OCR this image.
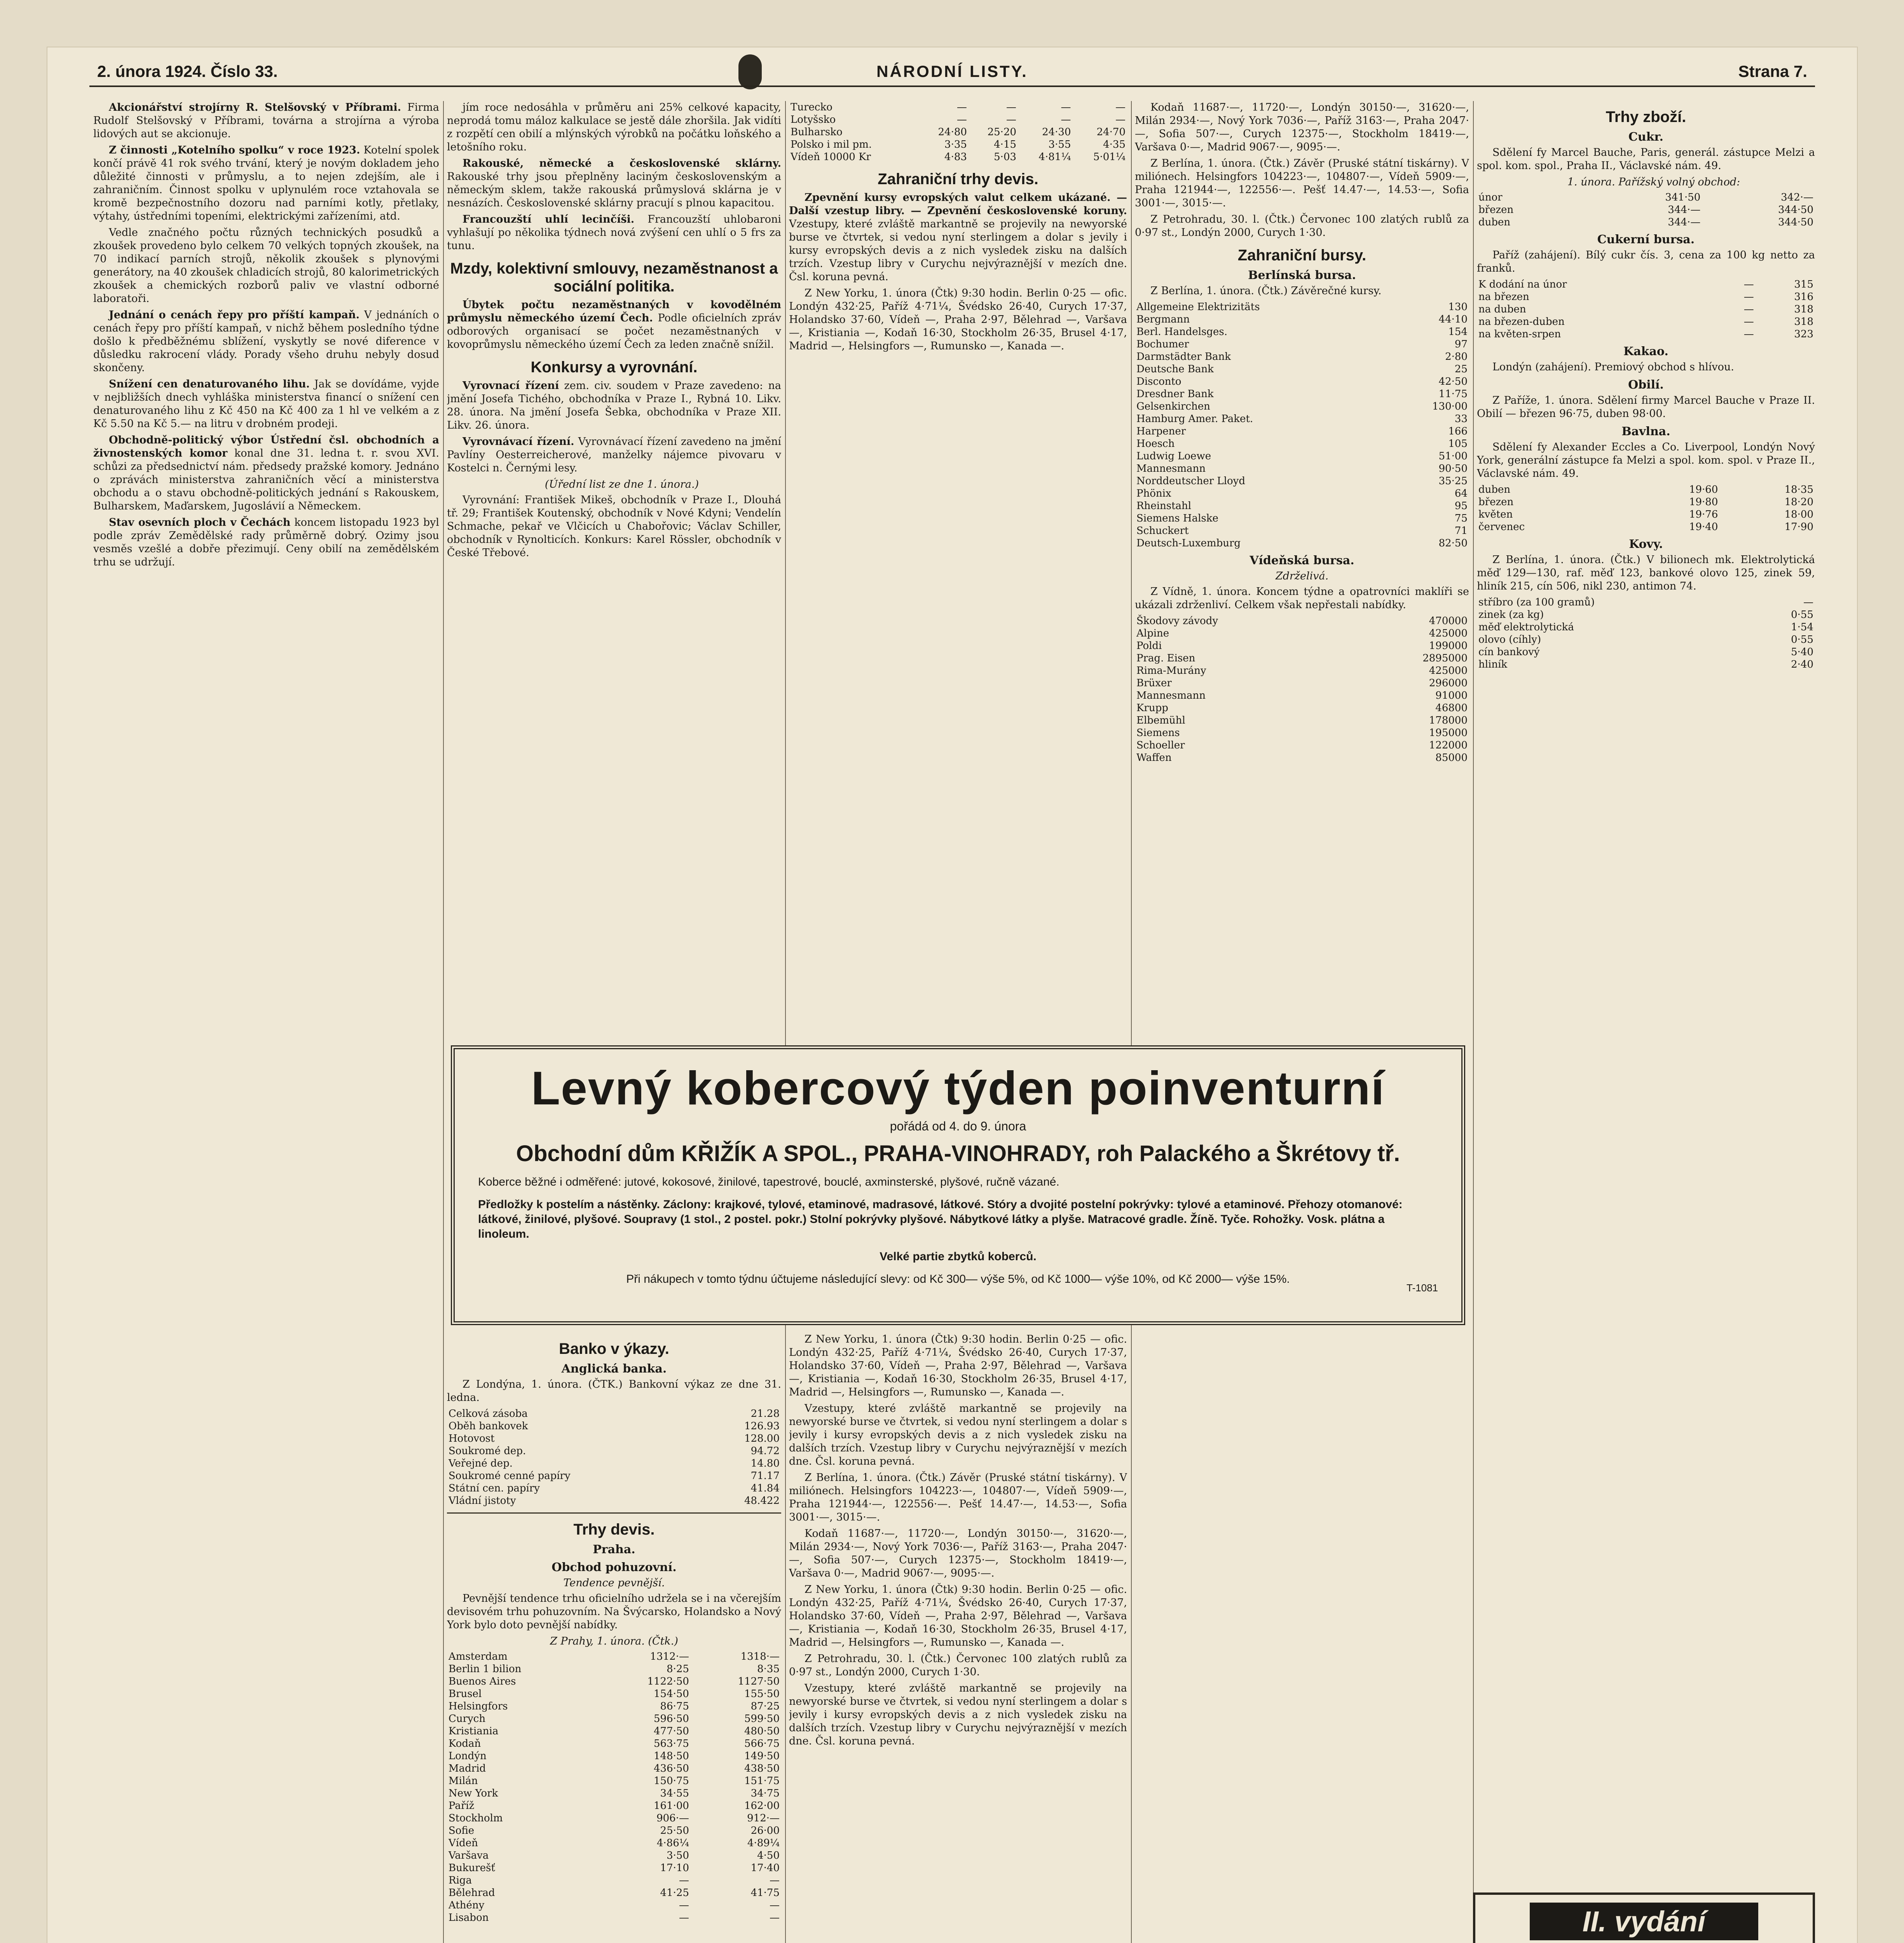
2. února 1924. Číslo 33.	NÁRODNÍ LISTY.	Strana 7.

Akcionářství strojírny R. Stelšovský v Příbrami. Firma Rudolf Stelšovský v Příbrami, továrna a strojírna a výroba lidových aut se akcionuje.

Z činnosti „Kotelního spolku“ v roce 1923. Kotelní spolek končí právě 41 rok svého trvání, který je novým dokladem jeho důležité činnosti v průmyslu, a to nejen zdejším, ale i zahraničním. Činnost spolku v uplynulém roce vztahovala se kromě bezpečnostního dozoru nad parními kotly, přetlaky, výtahy, ústředními topeními, elektrickými zařízeními, atd.

Vedle značného počtu různých technických posudků a zkoušek provedeno bylo celkem 70 velkých topných zkoušek, na 70 indikací parních strojů, několik zkoušek s plynovými generátory, na 40 zkoušek chladicích strojů, 80 kalorimetrických zkoušek a chemických rozborů paliv ve vlastní odborné laboratoři.

Jednání o cenách řepy pro příští kampaň. V jednáních o cenách řepy pro příští kampaň, v nichž během posledního týdne došlo k předběžnému sblížení, vyskytly se nové diference v důsledku rakrocení vlády. Porady všeho druhu nebyly dosud skončeny.

Snížení cen denaturovaného lihu. Jak se dovídáme, vyjde v nejbližších dnech vyhláška ministerstva financí o snížení cen denaturovaného lihu z Kč 450 na Kč 400 za 1 hl ve velkém a z Kč 5.50 na Kč 5.— na litru v drobném prodeji.

Obchodně-politický výbor Ústřední čsl. obchodních a živnostenských komor konal dne 31. ledna t. r. svou XVI. schůzi za předsednictví nám. předsedy pražské komory. Jednáno o zprávách ministerstva zahraničních věcí a ministerstva obchodu a o stavu obchodně-politických jednání s Rakouskem, Bulharskem, Maďarskem, Jugoslávií a Německem.

Stav osevních ploch v Čechách koncem listopadu 1923 byl podle zpráv Zemědělské rady průměrně dobrý. Ozimy jsou vesměs vzešlé a dobře přezimují. Ceny obilí na zemědělském trhu se udržují.

jím roce nedosáhla v průměru ani 25% celkové kapacity, neprodá tomu máloz kalkulace se jestě dále zhoršila. Jak vidíti z rozpětí cen obilí a mlýnských výrobků na počátku loňského a letošního roku.

Rakouské, německé a československé sklárny. Rakouské trhy jsou přeplněny laciným československým a německým sklem, takže rakouská průmyslová sklárna je v nesnázích. Československé sklárny pracují s plnou kapacitou.

Francouzští uhlí lecinčíši. Francouzští uhlobaroni vyhlašují po několika týdnech nová zvýšení cen uhlí o 5 frs za tunu.

Mzdy, kolektivní smlouvy, nezaměstnanost a sociální politika.

Úbytek počtu nezaměstnaných v kovodělném průmyslu německého území Čech. Podle oficielních zpráv odborových organisací se počet nezaměstnaných v kovoprůmyslu německého území Čech za leden značně snížil.

Konkursy a vyrovnání.

Vyrovnací řízení zem. civ. soudem v Praze zavedeno: na jmění Josefa Tichého, obchodníka v Praze I., Rybná 10. Likv. 28. února. Na jmění Josefa Šebka, obchodníka v Praze XII. Likv. 26. února.

Vyrovnávací řízení. Vyrovnávací řízení zavedeno na jmění Pavlíny Oesterreicherové, manželky nájemce pivovaru v Kostelci n. Černými lesy.

(Úřední list ze dne 1. února.)

Vyrovnání: František Mikeš, obchodník v Praze I., Dlouhá tř. 29; František Koutenský, obchodník v Nové Kdyni; Vendelín Schmache, pekař ve Vlčicích u Chabořovic; Václav Schiller, obchodník v Rynolticích. Konkurs: Karel Rössler, obchodník v České Třebové.

Turecko	—	—	—	—
Lotyšsko	—	—	—	—
Bulharsko	24·80	25·20	24·30	24·70
Polsko i mil pm.	3·35	4·15	3·55	4·35
Vídeň 10000 Kr	4·83	5·03	4·81¼	5·01¼
Zahraniční trhy devis.

Zpevnění kursy evropských valut celkem ukázané. — Další vzestup libry. — Zpevnění československé koruny. Vzestupy, které zvláště markantně se projevily na newyorské burse ve čtvrtek, si vedou nyní sterlingem a dolar s jevily i kursy evropských devis a z nich vysledek zisku na dalších trzích. Vzestup libry v Curychu nejvýraznější v mezích dne. Čsl. koruna pevná.

Z New Yorku, 1. února (Čtk) 9:30 hodin. Berlin 0·25 — ofic. Londýn 432·25, Paříž 4·71¼, Švédsko 26·40, Curych 17·37, Holandsko 37·60, Vídeň —, Praha 2·97, Bělehrad —, Varšava —, Kristiania —, Kodaň 16·30, Stockholm 26·35, Brusel 4·17, Madrid —, Helsingfors —, Rumunsko —, Kanada —.

Banko v ýkazy.
Anglická banka.

Z Londýna, 1. února. (ČTK.) Bankovní výkaz ze dne 31. ledna.

Celková zásoba	21.28
Oběh bankovek	126.93
Hotovost	128.00
Soukromé dep.	94.72
Veřejné dep.	14.80
Soukromé cenné papíry	71.17
Státní cen. papíry	41.84
Vládní jistoty	48.422
Trhy devis.
Praha.
Obchod pohuzovní.
Tendence pevnější.

Pevnější tendence trhu oficielního udržela se i na včerejším devisovém trhu pohuzovním. Na Švýcarsko, Holandsko a Nový York bylo doto pevnější nabídky.

Z Prahy, 1. února. (Čtk.)
Amsterdam	1312·—	1318·—
Berlin 1 bilion	8·25	8·35
Buenos Aires	1122·50	1127·50
Brusel	154·50	155·50
Helsingfors	86·75	87·25
Curych	596·50	599·50
Kristiania	477·50	480·50
Kodaň	563·75	566·75
Londýn	148·50	149·50
Madrid	436·50	438·50
Milán	150·75	151·75
New York	34·55	34·75
Paříž	161·00	162·00
Stockholm	906·—	912·—
Sofie	25·50	26·00
Vídeň	4·86¼	4·89¼
Varšava	3·50	4·50
Bukurešť	17·10	17·40
Riga	—	—
Bělehrad	41·25	41·75
Athény	—	—
Lisabon	—	—

Z New Yorku, 1. února (Čtk) 9:30 hodin. Berlin 0·25 — ofic. Londýn 432·25, Paříž 4·71¼, Švédsko 26·40, Curych 17·37, Holandsko 37·60, Vídeň —, Praha 2·97, Bělehrad —, Varšava —, Kristiania —, Kodaň 16·30, Stockholm 26·35, Brusel 4·17, Madrid —, Helsingfors —, Rumunsko —, Kanada —.

Vzestupy, které zvláště markantně se projevily na newyorské burse ve čtvrtek, si vedou nyní sterlingem a dolar s jevily i kursy evropských devis a z nich vysledek zisku na dalších trzích. Vzestup libry v Curychu nejvýraznější v mezích dne. Čsl. koruna pevná.

Z Berlína, 1. února. (Čtk.) Závěr (Pruské státní tiskárny). V miliónech. Helsingfors 104223·—, 104807·—, Vídeň 5909·—, Praha 121944·—, 122556·—. Pešť 14.47·—, 14.53·—, Sofia 3001·—, 3015·—.

Kodaň 11687·—, 11720·—, Londýn 30150·—, 31620·—, Milán 2934·—, Nový York 7036·—, Paříž 3163·—, Praha 2047·—, Sofia 507·—, Curych 12375·—, Stockholm 18419·—, Varšava 0·—, Madrid 9067·—, 9095·—.

Z New Yorku, 1. února (Čtk) 9:30 hodin. Berlin 0·25 — ofic. Londýn 432·25, Paříž 4·71¼, Švédsko 26·40, Curych 17·37, Holandsko 37·60, Vídeň —, Praha 2·97, Bělehrad —, Varšava —, Kristiania —, Kodaň 16·30, Stockholm 26·35, Brusel 4·17, Madrid —, Helsingfors —, Rumunsko —, Kanada —.

Z Petrohradu, 30. l. (Čtk.) Červonec 100 zlatých rublů za 0·97 st., Londýn 2000, Curych 1·30.

Vzestupy, které zvláště markantně se projevily na newyorské burse ve čtvrtek, si vedou nyní sterlingem a dolar s jevily i kursy evropských devis a z nich vysledek zisku na dalších trzích. Vzestup libry v Curychu nejvýraznější v mezích dne. Čsl. koruna pevná.

Kodaň 11687·—, 11720·—, Londýn 30150·—, 31620·—, Milán 2934·—, Nový York 7036·—, Paříž 3163·—, Praha 2047·—, Sofia 507·—, Curych 12375·—, Stockholm 18419·—, Varšava 0·—, Madrid 9067·—, 9095·—.

Z Berlína, 1. února. (Čtk.) Závěr (Pruské státní tiskárny). V miliónech. Helsingfors 104223·—, 104807·—, Vídeň 5909·—, Praha 121944·—, 122556·—. Pešť 14.47·—, 14.53·—, Sofia 3001·—, 3015·—.

Z Petrohradu, 30. l. (Čtk.) Červonec 100 zlatých rublů za 0·97 st., Londýn 2000, Curych 1·30.

Zahraniční bursy.
Berlínská bursa.

Z Berlína, 1. února. (Čtk.) Závěrečné kursy.

Allgemeine Elektrizitäts	130
Bergmann	44·10
Berl. Handelsges.	154
Bochumer	97
Darmstädter Bank	2·80
Deutsche Bank	25
Disconto	42·50
Dresdner Bank	11·75
Gelsenkirchen	130·00
Hamburg Amer. Paket.	33
Harpener	166
Hoesch	105
Ludwig Loewe	51·00
Mannesmann	90·50
Norddeutscher Lloyd	35·25
Phönix	64
Rheinstahl	95
Siemens Halske	75
Schuckert	71
Deutsch-Luxemburg	82·50
Vídeňská bursa.
Zdrželivá.

Z Vídně, 1. února. Koncem týdne a opatrovníci maklíři se ukázali zdrženliví. Celkem však nepřestali nabídky.

Škodovy závody	470000
Alpine	425000
Poldi	199000
Prag. Eisen	2895000
Rima-Murány	425000
Brüxer	296000
Mannesmann	91000
Krupp	46800
Elbemühl	178000
Siemens	195000
Schoeller	122000
Waffen	85000
Trhy zboží.
Cukr.

Sdělení fy Marcel Bauche, Paris, generál. zástupce Melzi a spol. kom. spol., Praha II., Václavské nám. 49.

1. února. Pařížský volný obchod:

únor	341·50	342·—
březen	344·—	344·50
duben	344·—	344·50
Cukerní bursa.

Paříž (zahájení). Bílý cukr čís. 3, cena za 100 kg netto za franků.

K dodání na únor	—	315
na březen	—	316
na duben	—	318
na březen-duben	—	318
na květen-srpen	—	323
Kakao.

Londýn (zahájení). Premiový obchod s hlívou.

Obilí.

Z Paříže, 1. února. Sdělení firmy Marcel Bauche v Praze II. Obilí — březen 96·75, duben 98·00.

Bavlna.

Sdělení fy Alexander Eccles a Co. Liverpool, Londýn Nový York, generální zástupce fa Melzi a spol. kom. spol. v Praze II., Václavské nám. 49.

duben	19·60	18·35
březen	19·80	18·20
květen	19·76	18·00
červenec	19·40	17·90
Kovy.

Z Berlína, 1. února. (Čtk.) V bilionech mk. Elektrolytická měď 129—130, raf. měď 123, bankové olovo 125, zinek 59, hliník 215, cín 506, nikl 230, antimon 74.

stříbro (za 100 gramů)	—
zinek (za kg)	0·55
měď elektrolytická	1·54
olovo (cíhly)	0·55
cín bankový	5·40
hliník	2·40
Levný kobercový týden poinventurní
pořádá od 4. do 9. února
Obchodní dům KŘIŽÍK A SPOL., PRAHA-VINOHRADY, roh Palackého a Škrétovy tř.
Koberce běžné i odměřené: jutové, kokosové, žinilové, tapestrové, bouclé, axminsterské, plyšové, ručně vázané.
Předložky k postelím a nástěnky. Záclony: krajkové, tylové, etaminové, madrasové, látkové. Stóry a dvojité postelní pokrývky: tylové a etaminové. Přehozy otomanové: látkové, žinilové, plyšové. Soupravy (1 stol., 2 postel. pokr.) Stolní pokrývky plyšové. Nábytkové látky a plyše. Matracové gradle. Žíně. Tyče. Rohožky. Vosk. plátna a linoleum.
Velké partie zbytků koberců.
Při nákupech v tomto týdnu účtujeme následující slevy: od Kč 300— výše 5%, od Kč 1000— výše 10%, od Kč 2000— výše 15%.
T-1081
II. vydání
